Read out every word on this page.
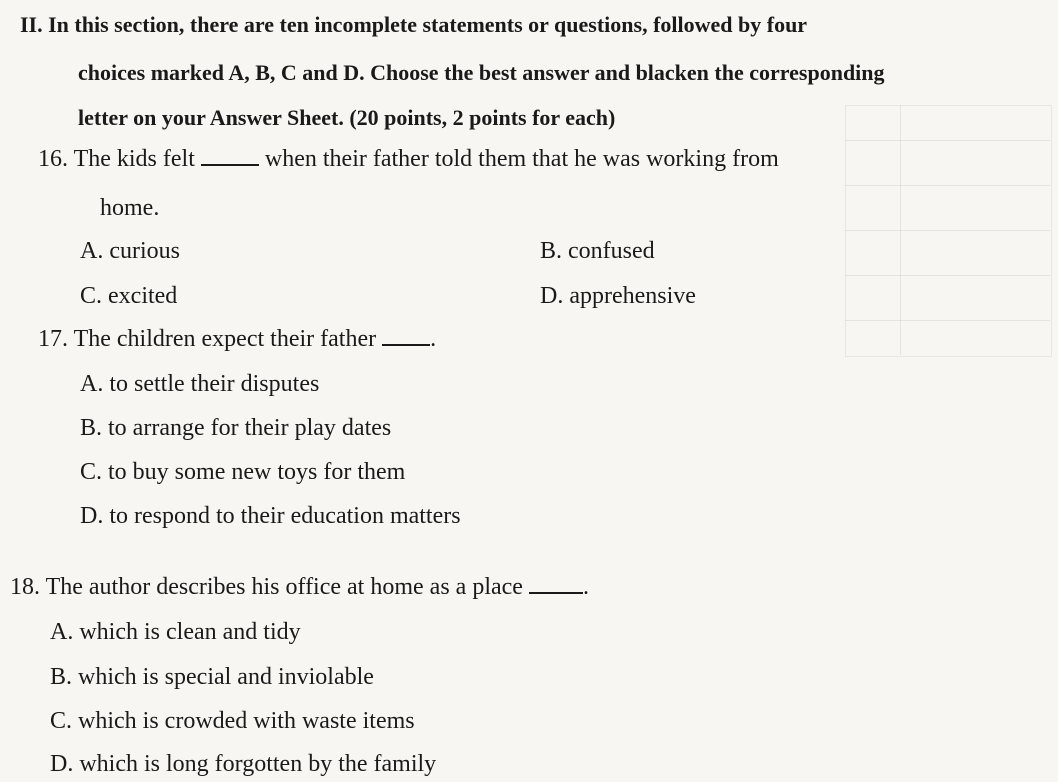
II. In this section, there are ten incomplete statements or questions, followed by four
choices marked A, B, C and D. Choose the best answer and blacken the corresponding
letter on your Answer Sheet. (20 points, 2 points for each)
16. The kids felt	when their father told them that he was working from
home.
A. curious	B. confused
C. excited	D. apprehensive
17. The children expect their father .
A. to settle their disputes
B. to arrange for their play dates
C. to buy some new toys for them
D. to respond to their education matters
18. The author describes his office at home as a place	.
A. which is clean and tidy
B. which is special and inviolable
C. which is crowded with waste items
D. which is long forgotten by the family
